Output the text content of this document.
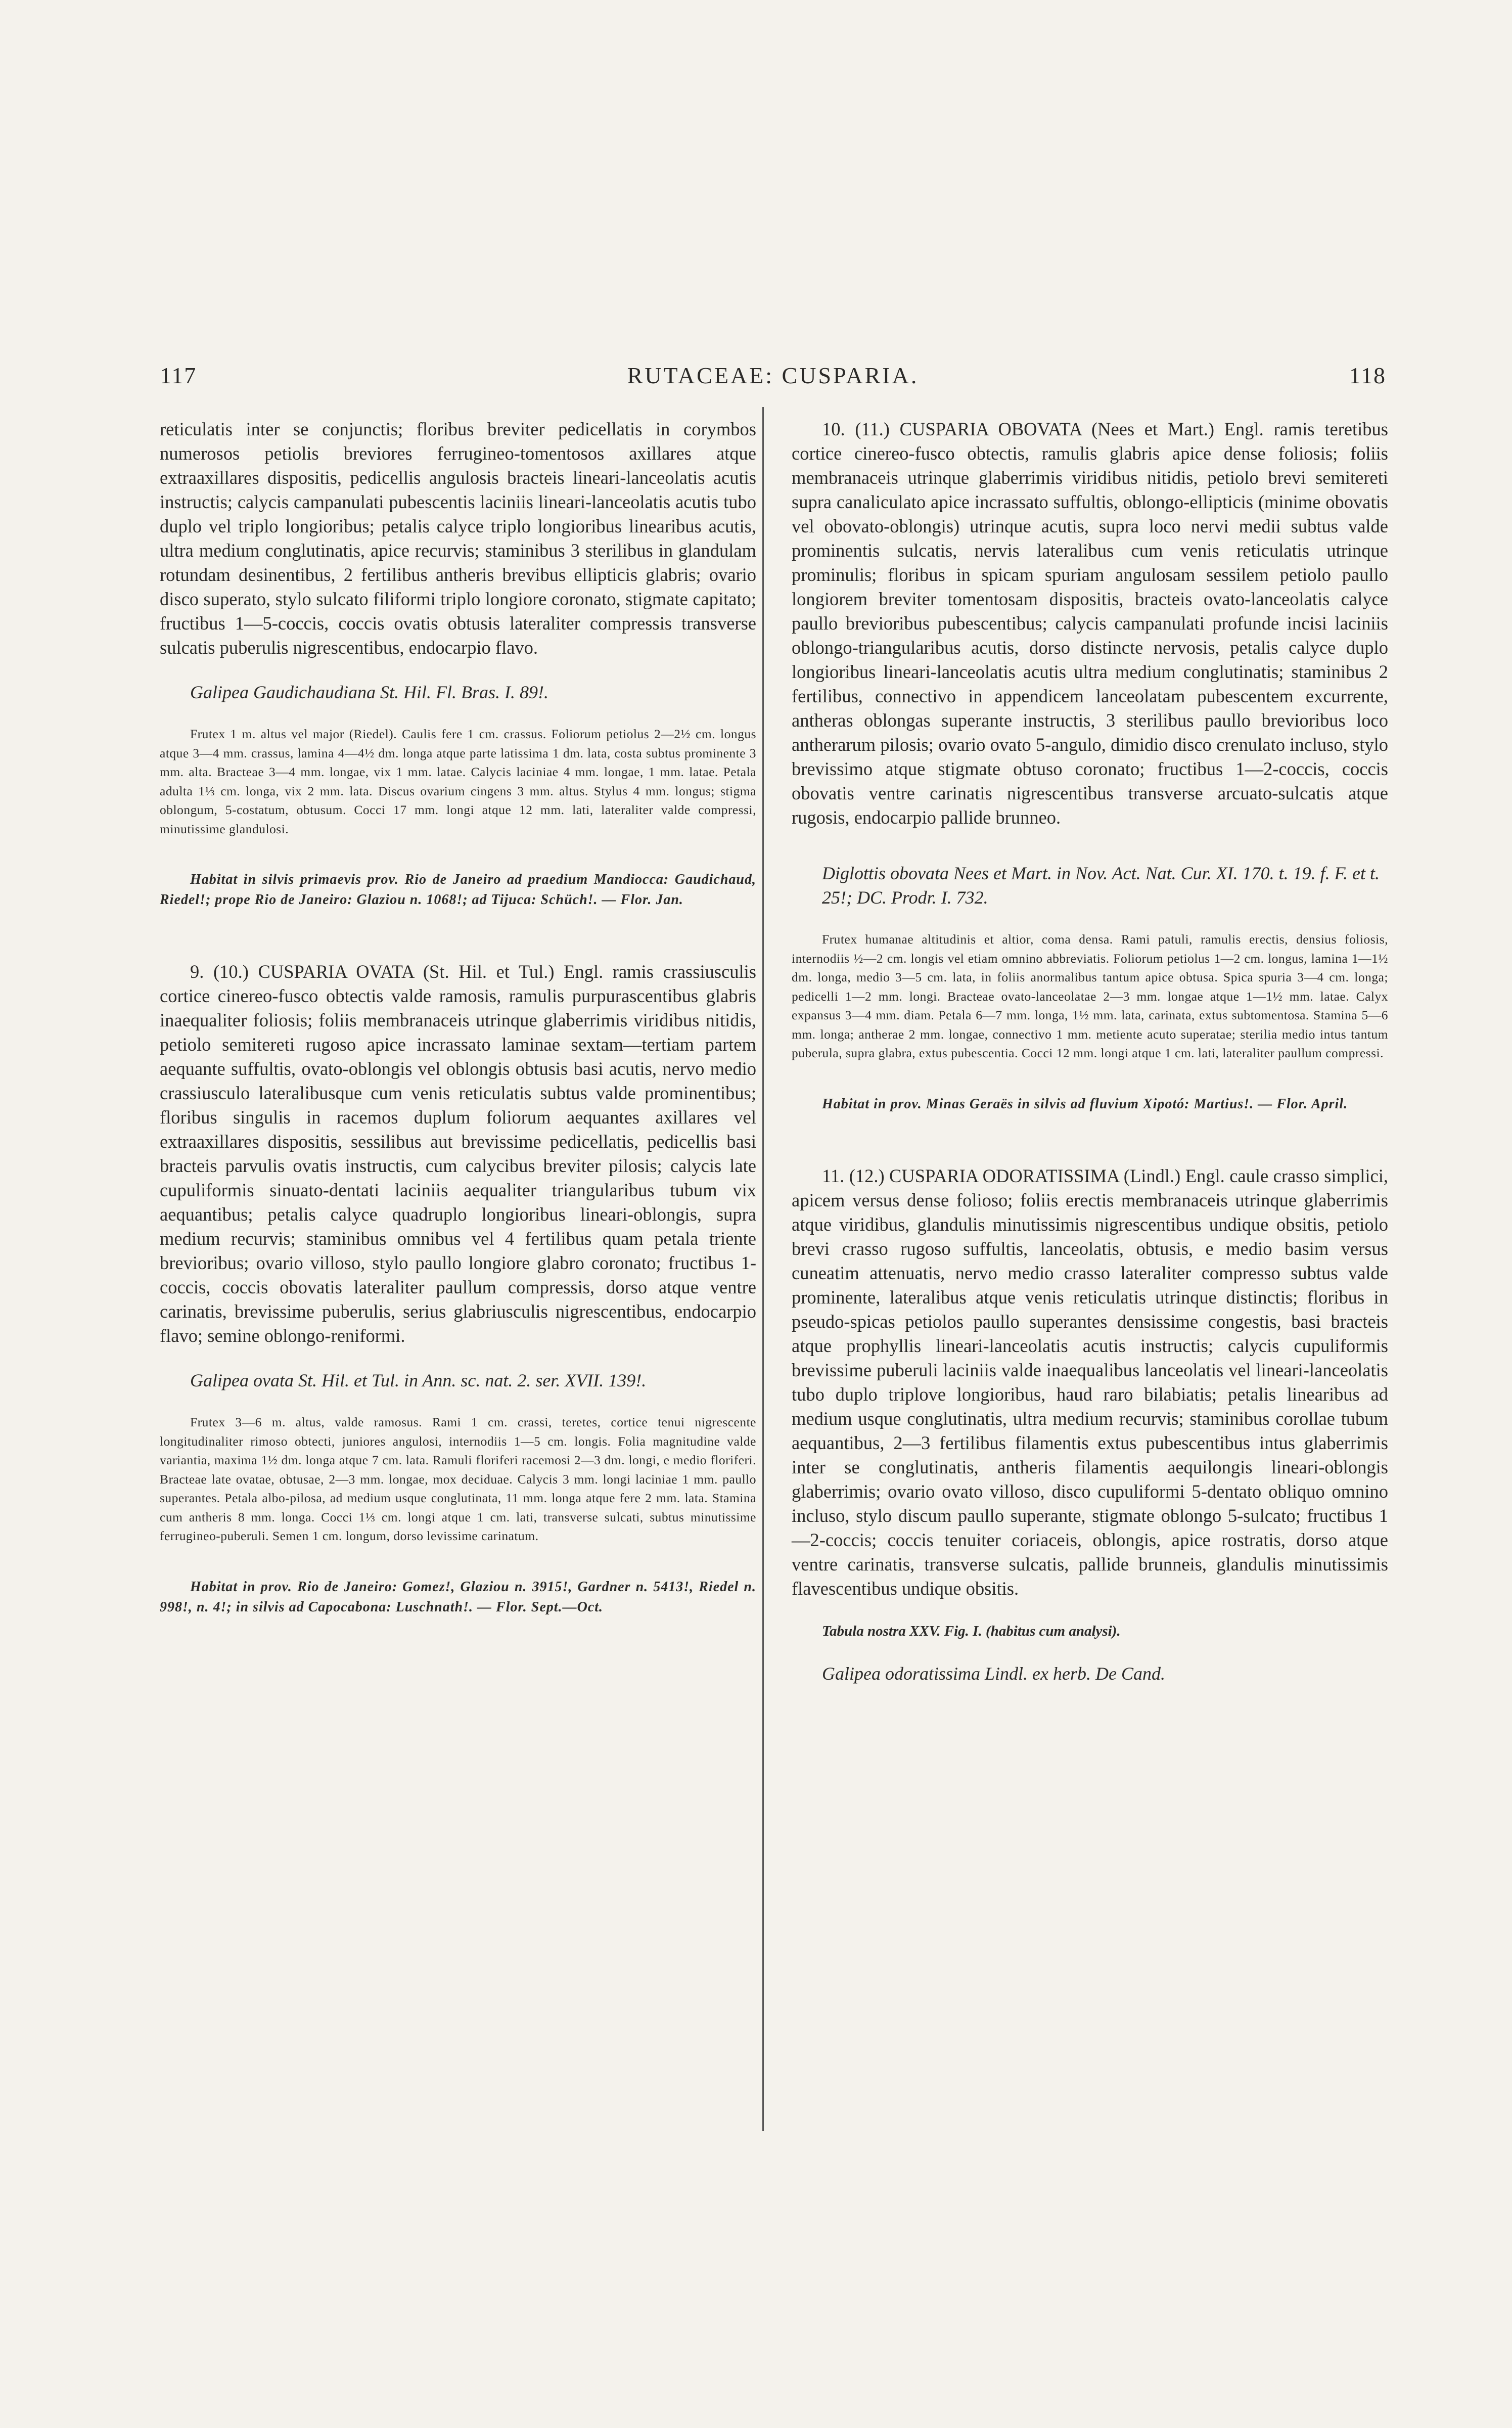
117	RUTACEAE: CUSPARIA.	118

reticulatis inter se conjunctis; floribus breviter pedicellatis in corymbos numerosos petiolis breviores ferrugineo-tomentosos axillares atque extraaxillares dispositis, pedicellis angulosis bracteis lineari-lanceolatis acutis instructis; calycis campanulati pubescentis laciniis lineari-lanceolatis acutis tubo duplo vel triplo longioribus; petalis calyce triplo longioribus linearibus acutis, ultra medium conglutinatis, apice recurvis; staminibus 3 sterilibus in glandulam rotundam desinentibus, 2 fertilibus antheris brevibus ellipticis glabris; ovario disco superato, stylo sulcato filiformi triplo longiore coronato, stigmate capitato; fructibus 1—5-coccis, coccis ovatis obtusis lateraliter compressis transverse sulcatis puberulis nigrescentibus, endocarpio flavo.

Galipea Gaudichaudiana St. Hil. Fl. Bras. I. 89!.

Frutex 1 m. altus vel major (Riedel). Caulis fere 1 cm. crassus. Foliorum petiolus 2—2½ cm. longus atque 3—4 mm. crassus, lamina 4—4½ dm. longa atque parte latissima 1 dm. lata, costa subtus prominente 3 mm. alta. Bracteae 3—4 mm. longae, vix 1 mm. latae. Calycis laciniae 4 mm. longae, 1 mm. latae. Petala adulta 1⅓ cm. longa, vix 2 mm. lata. Discus ovarium cingens 3 mm. altus. Stylus 4 mm. longus; stigma oblongum, 5-costatum, obtusum. Cocci 17 mm. longi atque 12 mm. lati, lateraliter valde compressi, minutissime glandulosi.

Habitat in silvis primaevis prov. Rio de Janeiro ad praedium Mandiocca: Gaudichaud, Riedel!; prope Rio de Janeiro: Glaziou n. 1068!; ad Tijuca: Schüch!. — Flor. Jan.

9. (10.) CUSPARIA OVATA (St. Hil. et Tul.) Engl. ramis crassiusculis cortice cinereo-fusco obtectis valde ramosis, ramulis purpurascentibus glabris inaequaliter foliosis; foliis membranaceis utrinque glaberrimis viridibus nitidis, petiolo semitereti rugoso apice incrassato laminae sextam—tertiam partem aequante suffultis, ovato-oblongis vel oblongis obtusis basi acutis, nervo medio crassiusculo lateralibusque cum venis reticulatis subtus valde prominentibus; floribus singulis in racemos duplum foliorum aequantes axillares vel extraaxillares dispositis, sessilibus aut brevissime pedicellatis, pedicellis basi bracteis parvulis ovatis instructis, cum calycibus breviter pilosis; calycis late cupuliformis sinuato-dentati laciniis aequaliter triangularibus tubum vix aequantibus; petalis calyce quadruplo longioribus lineari-oblongis, supra medium recurvis; staminibus omnibus vel 4 fertilibus quam petala triente brevioribus; ovario villoso, stylo paullo longiore glabro coronato; fructibus 1-coccis, coccis obovatis lateraliter paullum compressis, dorso atque ventre carinatis, brevissime puberulis, serius glabriusculis nigrescentibus, endocarpio flavo; semine oblongo-reniformi.

Galipea ovata St. Hil. et Tul. in Ann. sc. nat. 2. ser. XVII. 139!.

Frutex 3—6 m. altus, valde ramosus. Rami 1 cm. crassi, teretes, cortice tenui nigrescente longitudinaliter rimoso obtecti, juniores angulosi, internodiis 1—5 cm. longis. Folia magnitudine valde variantia, maxima 1½ dm. longa atque 7 cm. lata. Ramuli floriferi racemosi 2—3 dm. longi, e medio floriferi. Bracteae late ovatae, obtusae, 2—3 mm. longae, mox deciduae. Calycis 3 mm. longi laciniae 1 mm. paullo superantes. Petala albo-pilosa, ad medium usque conglutinata, 11 mm. longa atque fere 2 mm. lata. Stamina cum antheris 8 mm. longa. Cocci 1⅓ cm. longi atque 1 cm. lati, transverse sulcati, subtus minutissime ferrugineo-puberuli. Semen 1 cm. longum, dorso levissime carinatum.

Habitat in prov. Rio de Janeiro: Gomez!, Glaziou n. 3915!, Gardner n. 5413!, Riedel n. 998!, n. 4!; in silvis ad Capocabona: Luschnath!. — Flor. Sept.—Oct.

10. (11.) CUSPARIA OBOVATA (Nees et Mart.) Engl. ramis teretibus cortice cinereo-fusco obtectis, ramulis glabris apice dense foliosis; foliis membranaceis utrinque glaberrimis viridibus nitidis, petiolo brevi semitereti supra canaliculato apice incrassato suffultis, oblongo-ellipticis (minime obovatis vel obovato-oblongis) utrinque acutis, supra loco nervi medii subtus valde prominentis sulcatis, nervis lateralibus cum venis reticulatis utrinque prominulis; floribus in spicam spuriam angulosam sessilem petiolo paullo longiorem breviter tomentosam dispositis, bracteis ovato-lanceolatis calyce paullo brevioribus pubescentibus; calycis campanulati profunde incisi laciniis oblongo-triangularibus acutis, dorso distincte nervosis, petalis calyce duplo longioribus lineari-lanceolatis acutis ultra medium conglutinatis; staminibus 2 fertilibus, connectivo in appendicem lanceolatam pubescentem excurrente, antheras oblongas superante instructis, 3 sterilibus paullo brevioribus loco antherarum pilosis; ovario ovato 5-angulo, dimidio disco crenulato incluso, stylo brevissimo atque stigmate obtuso coronato; fructibus 1—2-coccis, coccis obovatis ventre carinatis nigrescentibus transverse arcuato-sulcatis atque rugosis, endocarpio pallide brunneo.

Diglottis obovata Nees et Mart. in Nov. Act. Nat. Cur. XI. 170. t. 19. f. F. et t. 25!; DC. Prodr. I. 732.

Frutex humanae altitudinis et altior, coma densa. Rami patuli, ramulis erectis, densius foliosis, internodiis ½—2 cm. longis vel etiam omnino abbreviatis. Foliorum petiolus 1—2 cm. longus, lamina 1—1½ dm. longa, medio 3—5 cm. lata, in foliis anormalibus tantum apice obtusa. Spica spuria 3—4 cm. longa; pedicelli 1—2 mm. longi. Bracteae ovato-lanceolatae 2—3 mm. longae atque 1—1½ mm. latae. Calyx expansus 3—4 mm. diam. Petala 6—7 mm. longa, 1½ mm. lata, carinata, extus subtomentosa. Stamina 5—6 mm. longa; antherae 2 mm. longae, connectivo 1 mm. metiente acuto superatae; sterilia medio intus tantum puberula, supra glabra, extus pubescentia. Cocci 12 mm. longi atque 1 cm. lati, lateraliter paullum compressi.

Habitat in prov. Minas Geraës in silvis ad fluvium Xipotó: Martius!. — Flor. April.

11. (12.) CUSPARIA ODORATISSIMA (Lindl.) Engl. caule crasso simplici, apicem versus dense folioso; foliis erectis membranaceis utrinque glaberrimis atque viridibus, glandulis minutissimis nigrescentibus undique obsitis, petiolo brevi crasso rugoso suffultis, lanceolatis, obtusis, e medio basim versus cuneatim attenuatis, nervo medio crasso lateraliter compresso subtus valde prominente, lateralibus atque venis reticulatis utrinque distinctis; floribus in pseudo-spicas petiolos paullo superantes densissime congestis, basi bracteis atque prophyllis lineari-lanceolatis acutis instructis; calycis cupuliformis brevissime puberuli laciniis valde inaequalibus lanceolatis vel lineari-lanceolatis tubo duplo triplove longioribus, haud raro bilabiatis; petalis linearibus ad medium usque conglutinatis, ultra medium recurvis; staminibus corollae tubum aequantibus, 2—3 fertilibus filamentis extus pubescentibus intus glaberrimis inter se conglutinatis, antheris filamentis aequilongis lineari-oblongis glaberrimis; ovario ovato villoso, disco cupuliformi 5-dentato obliquo omnino incluso, stylo discum paullo superante, stigmate oblongo 5-sulcato; fructibus 1—2-coccis; coccis tenuiter coriaceis, oblongis, apice rostratis, dorso atque ventre carinatis, transverse sulcatis, pallide brunneis, glandulis minutissimis flavescentibus undique obsitis.

Tabula nostra XXV. Fig. I. (habitus cum analysi).

Galipea odoratissima Lindl. ex herb. De Cand.
